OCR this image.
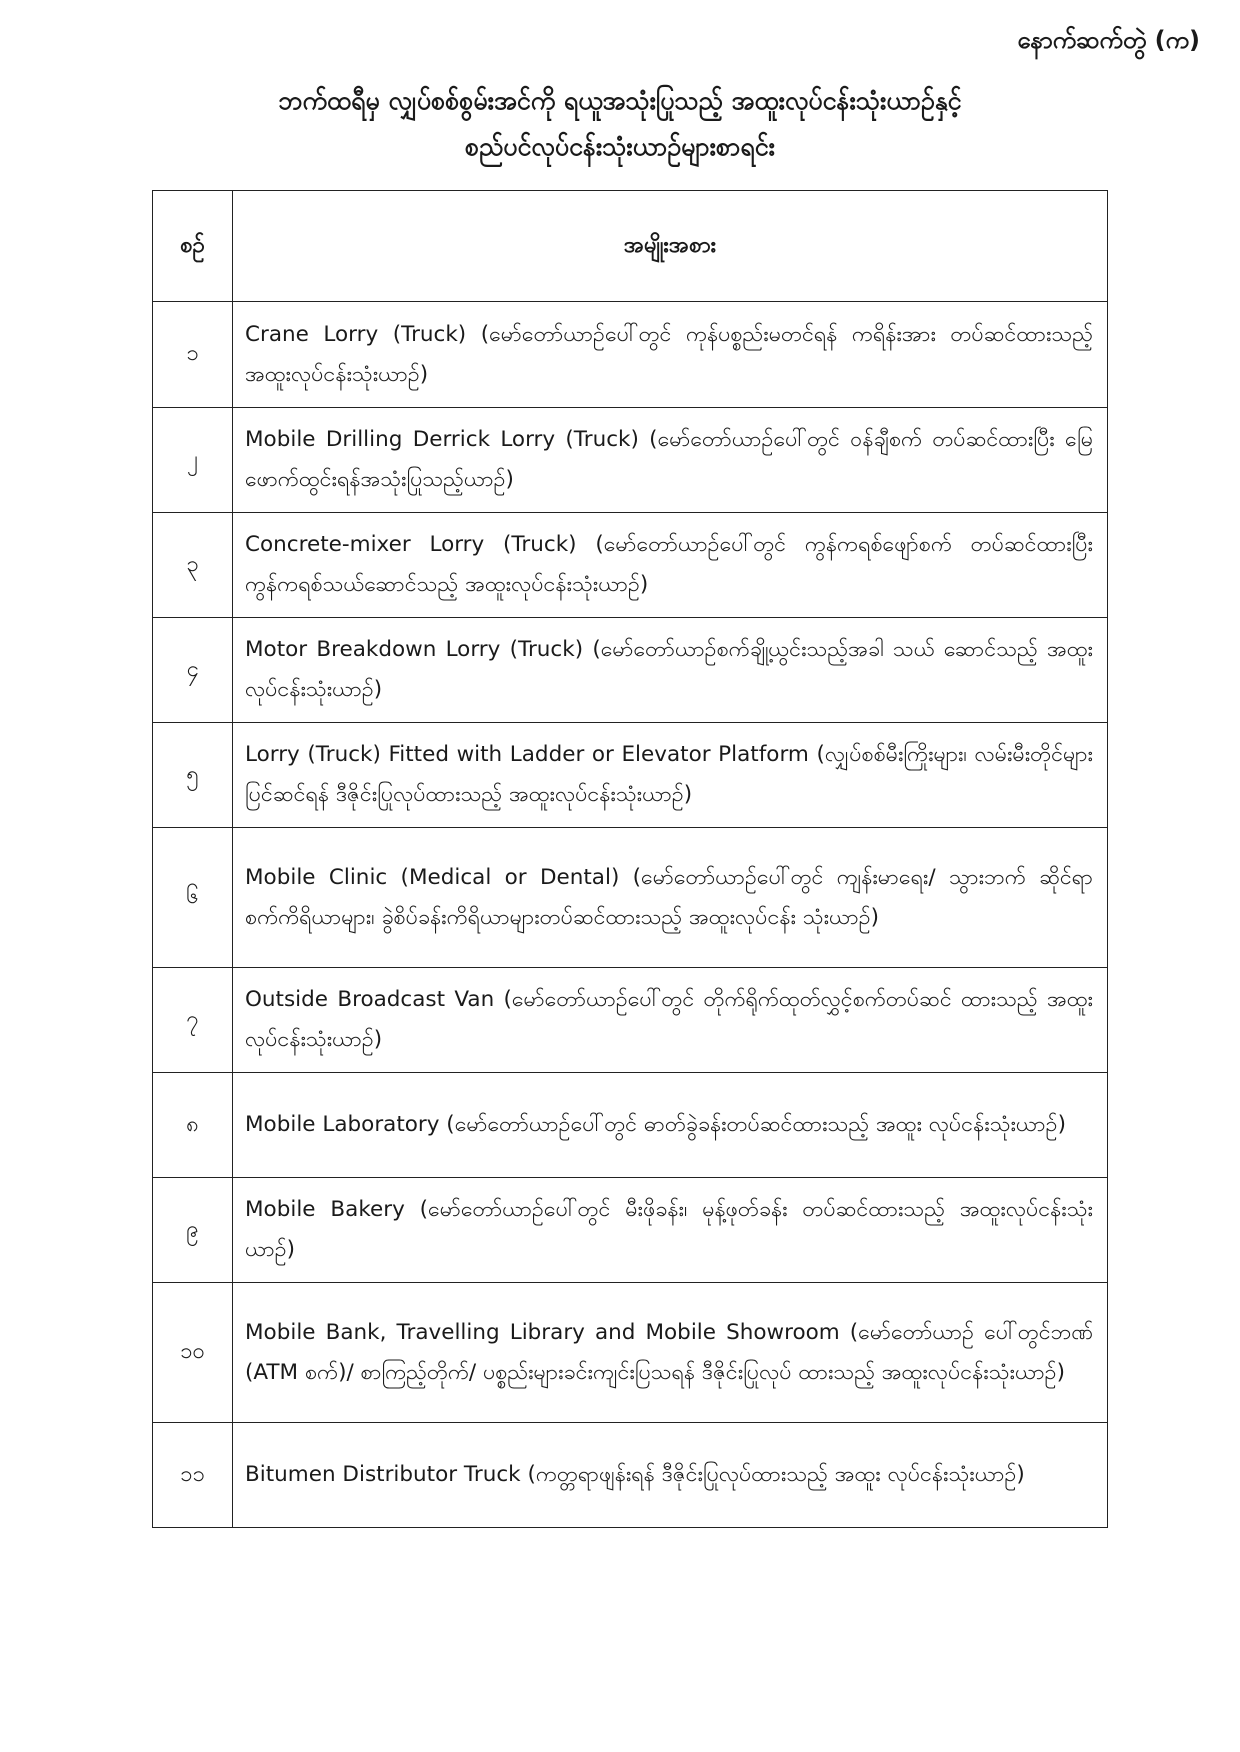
နောက်ဆက်တွဲ (က)
ဘက်ထရီမှ လျှပ်စစ်စွမ်းအင်ကို ရယူအသုံးပြုသည့် အထူးလုပ်ငန်းသုံးယာဉ်နှင့်
စည်ပင်လုပ်ငန်းသုံးယာဉ်များစာရင်း
စဉ်	အမျိုးအစား
၁	Crane Lorry (Truck) (မော်တော်ယာဉ်ပေါ်တွင် ကုန်ပစ္စည်းမတင်ရန် ကရိန်းအား တပ်ဆင်ထားသည့် အထူးလုပ်ငန်းသုံးယာဉ်)
၂	Mobile Drilling Derrick Lorry (Truck) (မော်တော်ယာဉ်ပေါ်တွင် ဝန်ချီစက် တပ်ဆင်ထားပြီး မြေဖောက်ထွင်းရန်အသုံးပြုသည့်ယာဉ်)
၃	Concrete-mixer Lorry (Truck) (မော်တော်ယာဉ်ပေါ်တွင် ကွန်ကရစ်ဖျော်စက် တပ်ဆင်ထားပြီး ကွန်ကရစ်သယ်ဆောင်သည့် အထူးလုပ်ငန်းသုံးယာဉ်)
၄	Motor Breakdown Lorry (Truck) (မော်တော်ယာဉ်စက်ချို့ယွင်းသည့်အခါ သယ် ဆောင်သည့် အထူးလုပ်ငန်းသုံးယာဉ်)
၅	Lorry (Truck) Fitted with Ladder or Elevator Platform (လျှပ်စစ်မီးကြိုးများ၊ လမ်းမီးတိုင်များပြင်ဆင်ရန် ဒီဇိုင်းပြုလုပ်ထားသည့် အထူးလုပ်ငန်းသုံးယာဉ်)
၆	Mobile Clinic (Medical or Dental) (မော်တော်ယာဉ်ပေါ်တွင် ကျန်းမာရေး/ သွားဘက် ဆိုင်ရာ စက်ကိရိယာများ၊ ခွဲစိပ်ခန်းကိရိယာများတပ်ဆင်ထားသည့် အထူးလုပ်ငန်း သုံးယာဉ်)
၇	Outside Broadcast Van (မော်တော်ယာဉ်ပေါ်တွင် တိုက်ရိုက်ထုတ်လွှင့်စက်တပ်ဆင် ထားသည့် အထူးလုပ်ငန်းသုံးယာဉ်)
၈	Mobile Laboratory (မော်တော်ယာဉ်ပေါ်တွင် ဓာတ်ခွဲခန်းတပ်ဆင်ထားသည့် အထူး လုပ်ငန်းသုံးယာဉ်)
၉	Mobile Bakery (မော်တော်ယာဉ်ပေါ်တွင် မီးဖိုခန်း၊ မုန့်ဖုတ်ခန်း တပ်ဆင်ထားသည့် အထူးလုပ်ငန်းသုံးယာဉ်)
၁၀	Mobile Bank, Travelling Library and Mobile Showroom (မော်တော်ယာဉ် ပေါ်တွင်ဘဏ် (ATM စက်)/ စာကြည့်တိုက်/ ပစ္စည်းများခင်းကျင်းပြသရန် ဒီဇိုင်းပြုလုပ် ထားသည့် အထူးလုပ်ငန်းသုံးယာဉ်)
၁၁	Bitumen Distributor Truck (ကတ္တရာဖျန်းရန် ဒီဇိုင်းပြုလုပ်ထားသည့် အထူး လုပ်ငန်းသုံးယာဉ်)
